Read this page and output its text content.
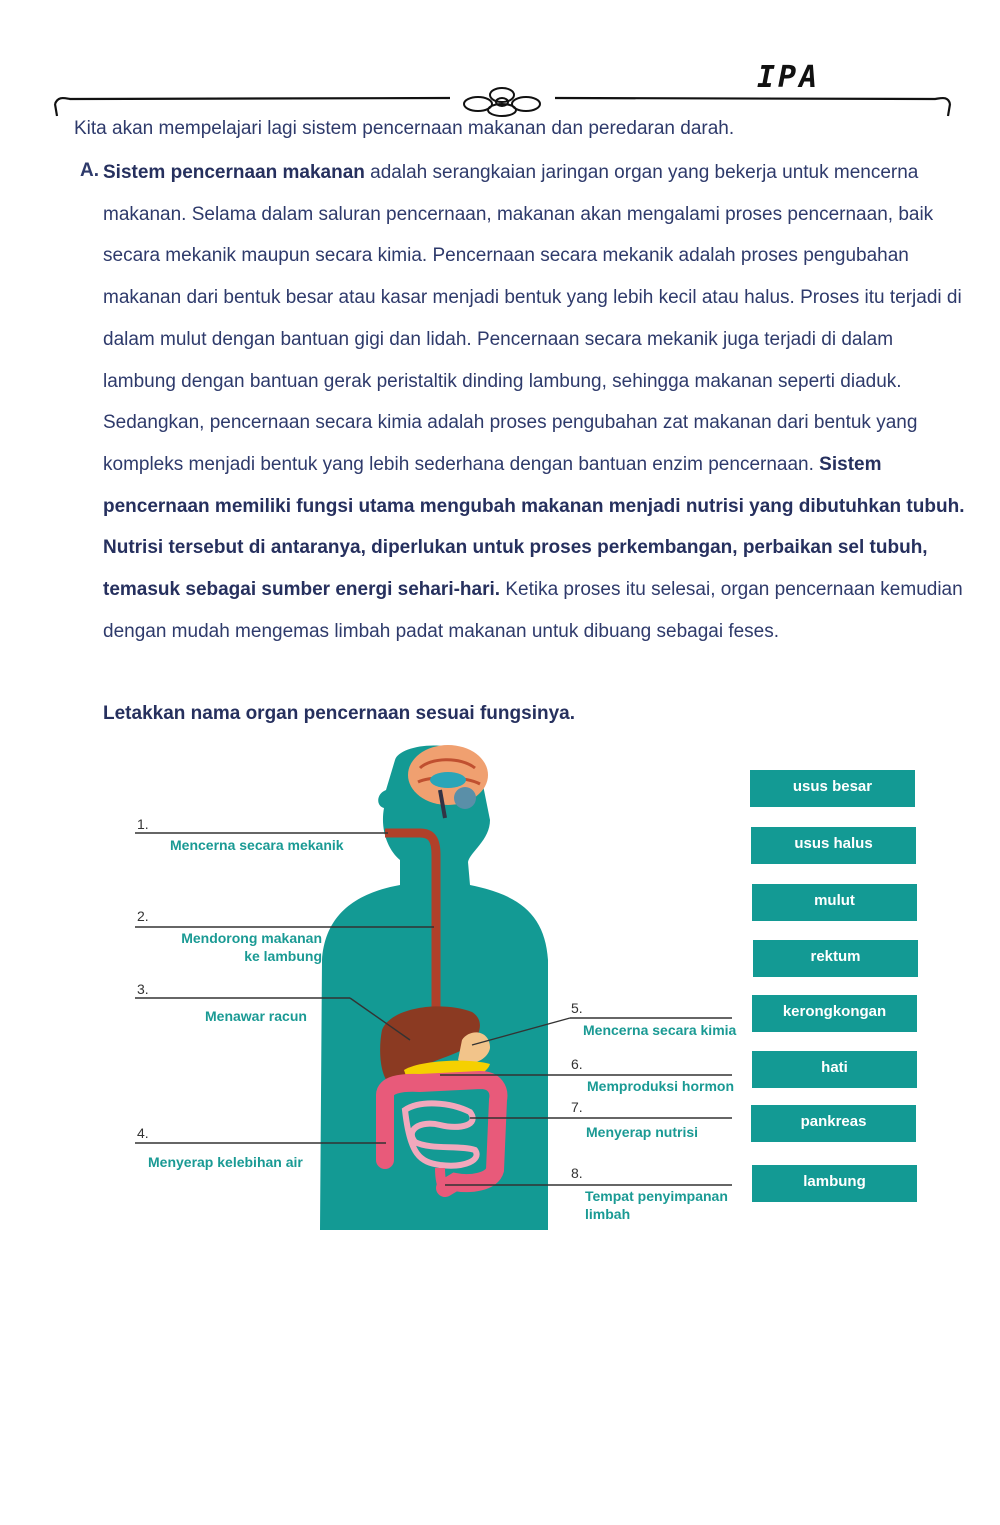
IPA
Kita akan mempelajari lagi sistem pencernaan makanan dan peredaran darah.
A. Sistem pencernaan makanan adalah serangkaian jaringan organ yang bekerja untuk mencerna makanan. Selama dalam saluran pencernaan, makanan akan mengalami proses pencernaan, baik secara mekanik maupun secara kimia. Pencernaan secara mekanik adalah proses pengubahan makanan dari bentuk besar atau kasar menjadi bentuk yang lebih kecil atau halus. Proses itu terjadi di dalam mulut dengan bantuan gigi dan lidah. Pencernaan secara mekanik juga terjadi di dalam lambung dengan bantuan gerak peristaltik dinding lambung, sehingga makanan seperti diaduk. Sedangkan, pencernaan secara kimia adalah proses pengubahan zat makanan dari bentuk yang kompleks menjadi bentuk yang lebih sederhana dengan bantuan enzim pencernaan. Sistem pencernaan memiliki fungsi utama mengubah makanan menjadi nutrisi yang dibutuhkan tubuh. Nutrisi tersebut di antaranya, diperlukan untuk proses perkembangan, perbaikan sel tubuh, temasuk sebagai sumber energi sehari-hari. Ketika proses itu selesai, organ pencernaan kemudian dengan mudah mengemas limbah padat makanan untuk dibuang sebagai feses.
Letakkan nama organ pencernaan sesuai fungsinya.
1.
Mencerna secara mekanik
2.
Mendorong makanan
ke lambung
3.
Menawar racun
4.
Menyerap kelebihan air
5.
Mencerna secara kimia
6.
Memproduksi hormon
7.
Menyerap nutrisi
8.
Tempat penyimpanan
limbah
usus besar
usus halus
mulut
rektum
kerongkongan
hati
pankreas
lambung
